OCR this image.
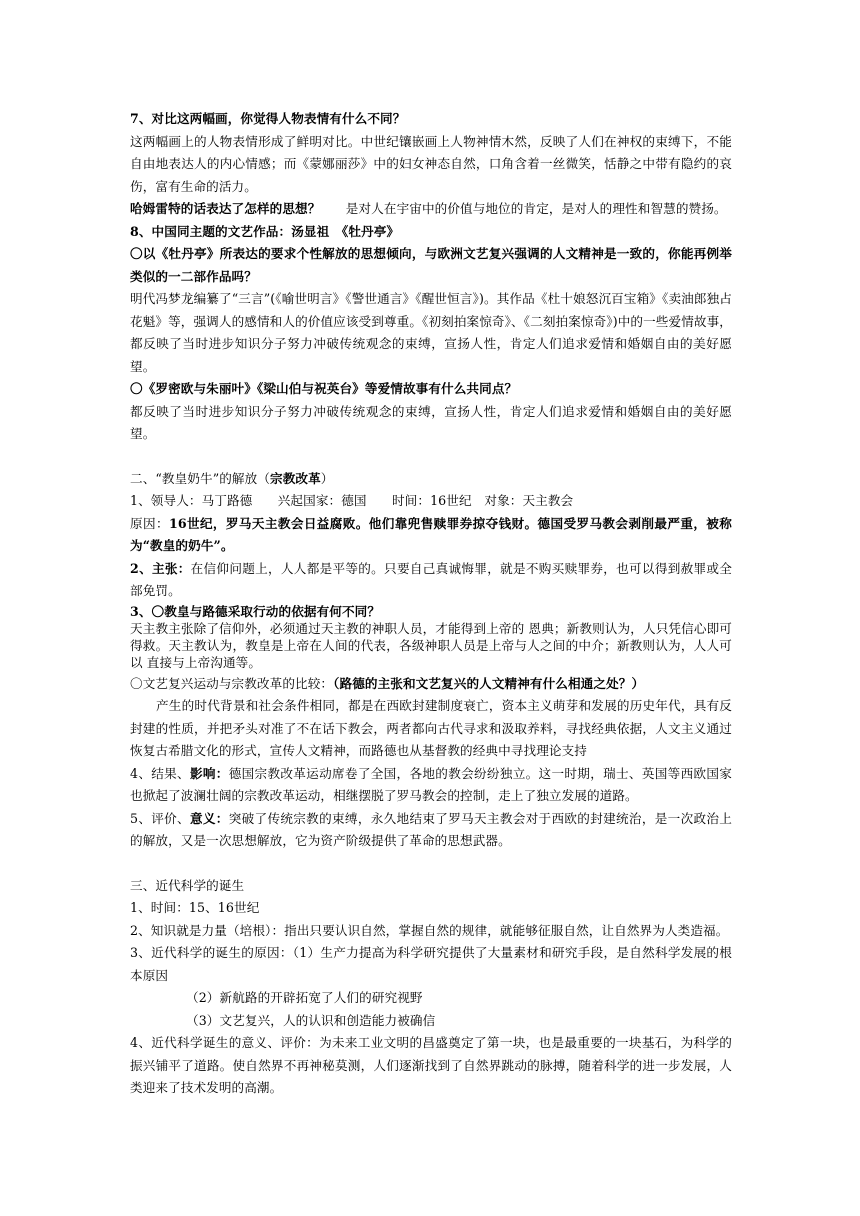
7、对比这两幅画，你觉得人物表情有什么不同？

这两幅画上的人物表情形成了鲜明对比。中世纪镶嵌画上人物神情木然，反映了人们在神权的束缚下，不能自由地表达人的内心情感；而《蒙娜丽莎》中的妇女神态自然，口角含着一丝微笑，恬静之中带有隐约的哀伤，富有生命的活力。

哈姆雷特的话表达了怎样的思想？　　是对人在宇宙中的价值与地位的肯定，是对人的理性和智慧的赞扬。

8、中国同主题的文艺作品：汤显祖　《牡丹亭》

〇以《牡丹亭》所表达的要求个性解放的思想倾向，与欧洲文艺复兴强调的人文精神是一致的，你能再例举类似的一二部作品吗？

明代冯梦龙编纂了“三言”(《喻世明言》《警世通言》《醒世恒言》)。其作品《杜十娘怒沉百宝箱》《卖油郎独占花魁》等，强调人的感情和人的价值应该受到尊重。《初刻拍案惊奇》、《二刻拍案惊奇》)中的一些爱情故事，都反映了当时进步知识分子努力冲破传统观念的束缚，宣扬人性，肯定人们追求爱情和婚姻自由的美好愿望。

〇《罗密欧与朱丽叶》《梁山伯与祝英台》等爱情故事有什么共同点？

都反映了当时进步知识分子努力冲破传统观念的束缚，宣扬人性，肯定人们追求爱情和婚姻自由的美好愿望。

二、“教皇奶牛”的解放（宗教改革）

1、领导人：马丁路德　　兴起国家：德国　　时间：16世纪　对象：天主教会

原因：16世纪，罗马天主教会日益腐败。他们靠兜售赎罪券掠夺钱财。德国受罗马教会剥削最严重，被称为“教皇的奶牛”。

2、主张：在信仰问题上，人人都是平等的。只要自己真诚悔罪，就是不购买赎罪券，也可以得到赦罪或全部免罚。

3、〇教皇与路德采取行动的依据有何不同？

天主教主张除了信仰外，必须通过天主教的神职人员，才能得到上帝的 恩典；新教则认为，人只凭信心即可得救。天主教认为，教皇是上帝在人间的代表，各级神职人员是上帝与人之间的中介；新教则认为，人人可以 直接与上帝沟通等。

〇文艺复兴运动与宗教改革的比较：（路德的主张和文艺复兴的人文精神有什么相通之处？）

产生的时代背景和社会条件相同，都是在西欧封建制度衰亡，资本主义萌芽和发展的历史年代，具有反封建的性质，并把矛头对准了不在话下教会，两者都向古代寻求和汲取养料，寻找经典依据，人文主义通过恢复古希腊文化的形式，宣传人文精神，而路德也从基督教的经典中寻找理论支持

4、结果、影响：德国宗教改革运动席卷了全国，各地的教会纷纷独立。这一时期，瑞士、英国等西欧国家也掀起了波澜壮阔的宗教改革运动，相继摆脱了罗马教会的控制，走上了独立发展的道路。

5、评价、意义：突破了传统宗教的束缚，永久地结束了罗马天主教会对于西欧的封建统治，是一次政治上的解放，又是一次思想解放，它为资产阶级提供了革命的思想武器。

三、近代科学的诞生

1、时间：15、16世纪

2、知识就是力量（培根）：指出只要认识自然，掌握自然的规律，就能够征服自然，让自然界为人类造福。

3、近代科学的诞生的原因：（1）生产力提高为科学研究提供了大量素材和研究手段，是自然科学发展的根本原因

（2）新航路的开辟拓宽了人们的研究视野

（3）文艺复兴，人的认识和创造能力被确信

4、近代科学诞生的意义、评价：为未来工业文明的昌盛奠定了第一块，也是最重要的一块基石，为科学的振兴铺平了道路。使自然界不再神秘莫测，人们逐渐找到了自然界跳动的脉搏，随着科学的进一步发展，人类迎来了技术发明的高潮。
